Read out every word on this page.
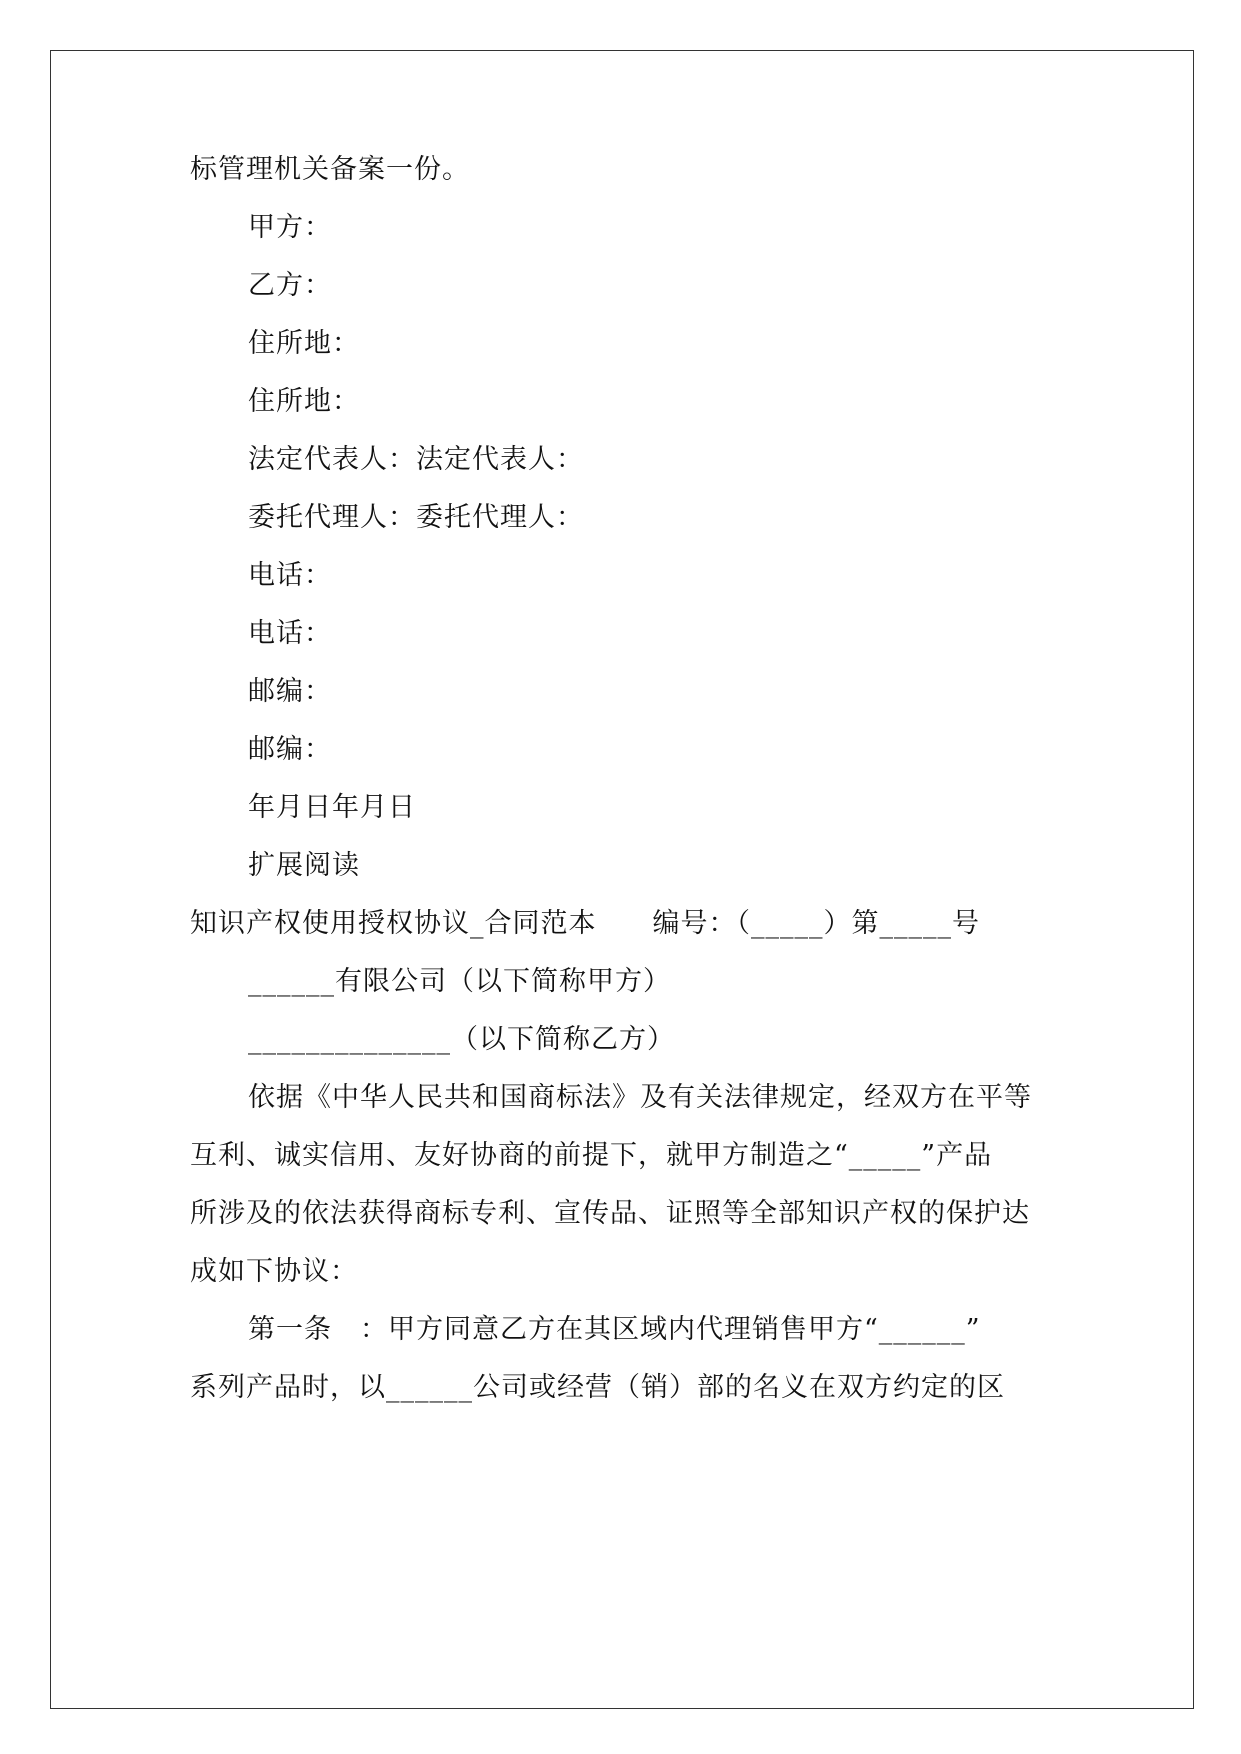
标管理机关备案一份。
甲方：
乙方：
住所地：
住所地：
法定代表人：法定代表人：
委托代理人：委托代理人：
电话：
电话：
邮编：
邮编：
年月日年月日
扩展阅读
知识产权使用授权协议_合同范本　　编号：（_____）第_____号
______有限公司（以下简称甲方）
______________（以下简称乙方）
依据《中华人民共和国商标法》及有关法律规定，经双方在平等
互利、诚实信用、友好协商的前提下，就甲方制造之“_____”产品
所涉及的依法获得商标专利、宣传品、证照等全部知识产权的保护达
成如下协议：
第一条　：甲方同意乙方在其区域内代理销售甲方“______”
系列产品时，以______公司或经营（销）部的名义在双方约定的区
